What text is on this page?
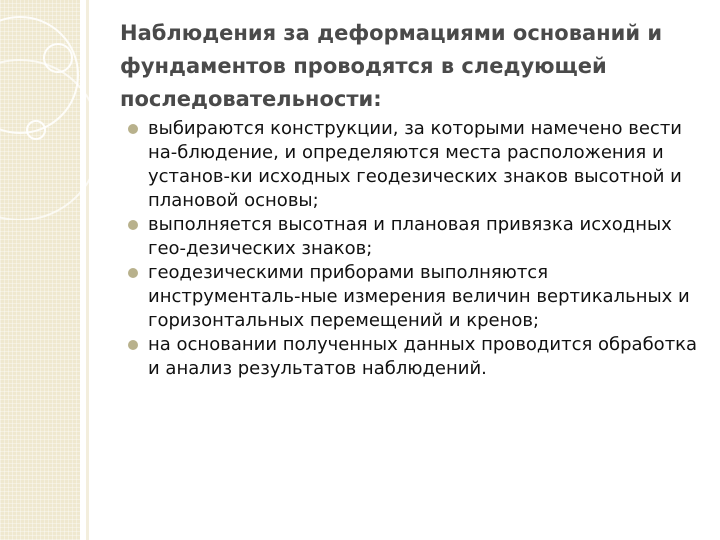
Наблюдения за деформациями оснований и фундаментов проводятся в следующей последовательности:
выбираются конструкции, за которыми намечено вести на-блюдение, и определяются места расположения и установ-ки исходных геодезических знаков высотной и плановой основы;
выполняется высотная и плановая привязка исходных гео-дезических знаков;
геодезическими приборами выполняются инструменталь-ные измерения величин вертикальных и горизонтальных перемещений и кренов;
на основании полученных данных проводится обработка и анализ результатов наблюдений.
